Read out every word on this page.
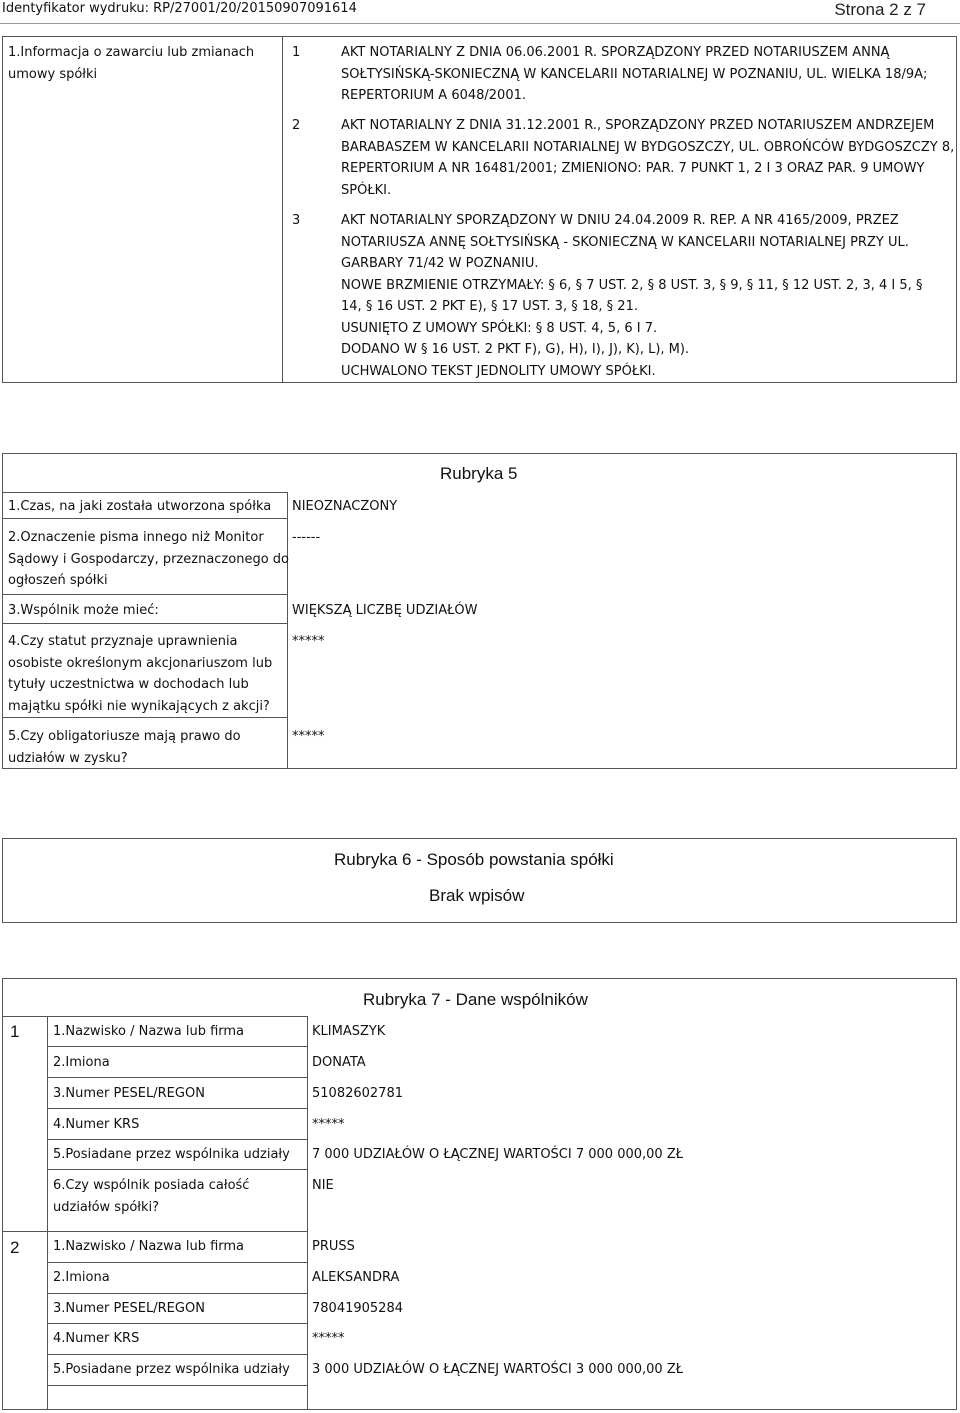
Identyfikator wydruku: RP/27001/20/20150907091614	Strona 2 z 7
1.Informacja o zawarciu lub zmianach
umowy spółki
1	AKT NOTARIALNY Z DNIA 06.06.2001 R. SPORZĄDZONY PRZED NOTARIUSZEM ANNĄ
SOŁTYSIŃSKĄ-SKONIECZNĄ W KANCELARII NOTARIALNEJ W POZNANIU, UL. WIELKA 18/9A;
REPERTORIUM A 6048/2001.
2	AKT NOTARIALNY Z DNIA 31.12.2001 R., SPORZĄDZONY PRZED NOTARIUSZEM ANDRZEJEM
BARABASZEM W KANCELARII NOTARIALNEJ W BYDGOSZCZY, UL. OBROŃCÓW BYDGOSZCZY 8,
REPERTORIUM A NR 16481/2001; ZMIENIONO: PAR. 7 PUNKT 1, 2 I 3 ORAZ PAR. 9 UMOWY
SPÓŁKI.
3	AKT NOTARIALNY SPORZĄDZONY W DNIU 24.04.2009 R. REP. A NR 4165/2009, PRZEZ
NOTARIUSZA ANNĘ SOŁTYSIŃSKĄ - SKONIECZNĄ W KANCELARII NOTARIALNEJ PRZY UL.
GARBARY 71/42 W POZNANIU.
NOWE BRZMIENIE OTRZYMAŁY: § 6, § 7 UST. 2, § 8 UST. 3, § 9, § 11, § 12 UST. 2, 3, 4 I 5, §
14, § 16 UST. 2 PKT E), § 17 UST. 3, § 18, § 21.
USUNIĘTO Z UMOWY SPÓŁKI: § 8 UST. 4, 5, 6 I 7.
DODANO W § 16 UST. 2 PKT F), G), H), I), J), K), L), M).
UCHWALONO TEKST JEDNOLITY UMOWY SPÓŁKI.
Rubryka 5
1.Czas, na jaki została utworzona spółka NIEOZNACZONY
2.Oznaczenie pisma innego niż Monitor
Sądowy i Gospodarczy, przeznaczonego do
ogłoszeń spółki
------
3.Wspólnik może mieć:	WIĘKSZĄ LICZBĘ UDZIAŁÓW
4.Czy statut przyznaje uprawnienia
osobiste określonym akcjonariuszom lub
tytuły uczestnictwa w dochodach lub
majątku spółki nie wynikających z akcji?
*****
5.Czy obligatoriusze mają prawo do
udziałów w zysku?
*****
Rubryka 6 - Sposób powstania spółki
Brak wpisów
Rubryka 7 - Dane wspólników
1	1.Nazwisko / Nazwa lub firma	KLIMASZYK
2.Imiona	DONATA
3.Numer PESEL/REGON	51082602781
4.Numer KRS	*****
5.Posiadane przez wspólnika udziały 7 000 UDZIAŁÓW O ŁĄCZNEJ WARTOŚCI 7 000 000,00 ZŁ
6.Czy wspólnik posiada całość
udziałów spółki?
NIE
2	1.Nazwisko / Nazwa lub firma	PRUSS
2.Imiona	ALEKSANDRA
3.Numer PESEL/REGON	78041905284
4.Numer KRS	*****
5.Posiadane przez wspólnika udziały 3 000 UDZIAŁÓW O ŁĄCZNEJ WARTOŚCI 3 000 000,00 ZŁ
